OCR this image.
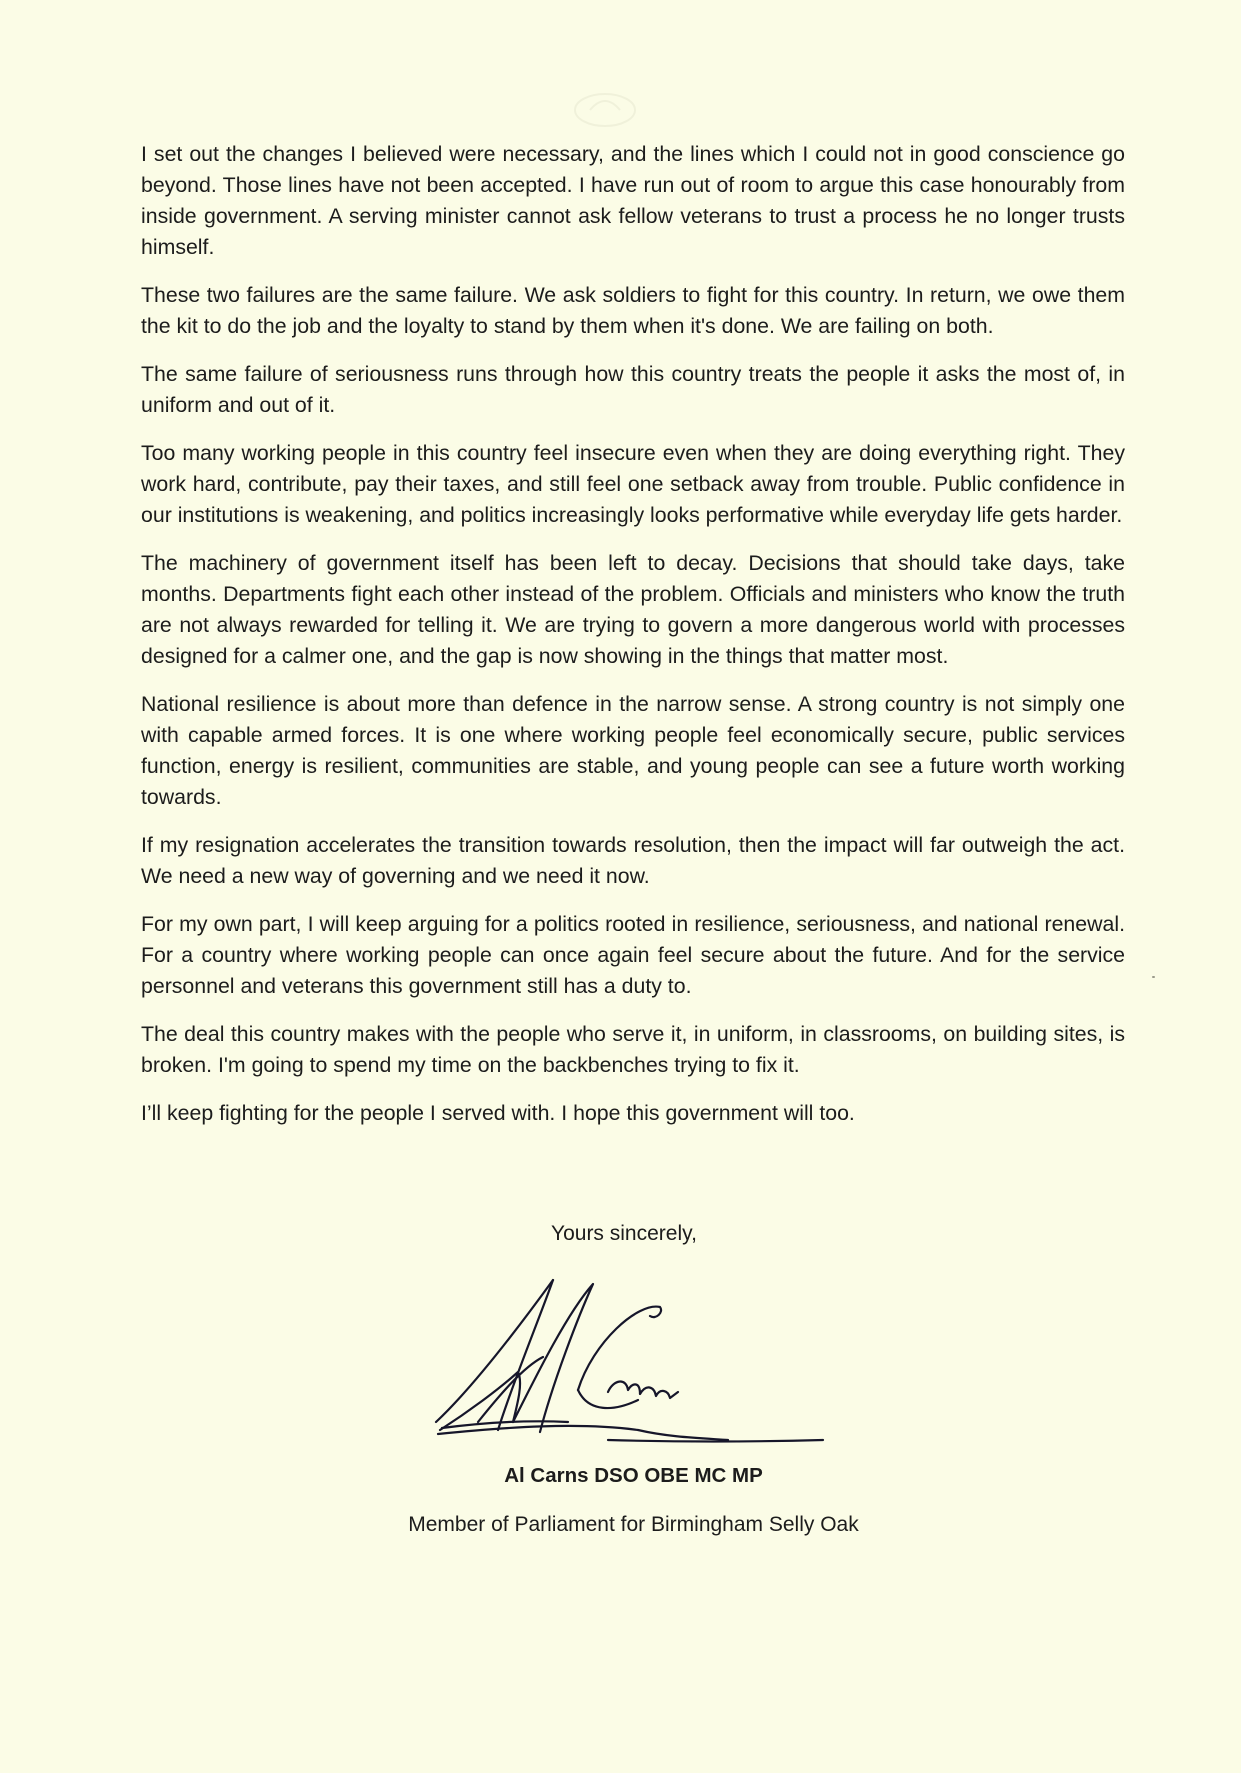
I set out the changes I believed were necessary, and the lines which I could not in good conscience go beyond. Those lines have not been accepted. I have run out of room to argue this case honourably from inside government. A serving minister cannot ask fellow veterans to trust a process he no longer trusts himself.

These two failures are the same failure. We ask soldiers to fight for this country. In return, we owe them the kit to do the job and the loyalty to stand by them when it's done. We are failing on both.

The same failure of seriousness runs through how this country treats the people it asks the most of, in uniform and out of it.

Too many working people in this country feel insecure even when they are doing everything right. They work hard, contribute, pay their taxes, and still feel one setback away from trouble. Public confidence in our institutions is weakening, and politics increasingly looks performative while everyday life gets harder.

The machinery of government itself has been left to decay. Decisions that should take days, take months. Departments fight each other instead of the problem. Officials and ministers who know the truth are not always rewarded for telling it. We are trying to govern a more dangerous world with processes designed for a calmer one, and the gap is now showing in the things that matter most.

National resilience is about more than defence in the narrow sense. A strong country is not simply one with capable armed forces. It is one where working people feel economically secure, public services function, energy is resilient, communities are stable, and young people can see a future worth working towards.

If my resignation accelerates the transition towards resolution, then the impact will far outweigh the act. We need a new way of governing and we need it now.

For my own part, I will keep arguing for a politics rooted in resilience, seriousness, and national renewal. For a country where working people can once again feel secure about the future. And for the service personnel and veterans this government still has a duty to.

The deal this country makes with the people who serve it, in uniform, in classrooms, on building sites, is broken. I'm going to spend my time on the backbenches trying to fix it.

I’ll keep fighting for the people I served with. I hope this government will too.

Yours sincerely,
Al Carns DSO OBE MC MP
Member of Parliament for Birmingham Selly Oak
